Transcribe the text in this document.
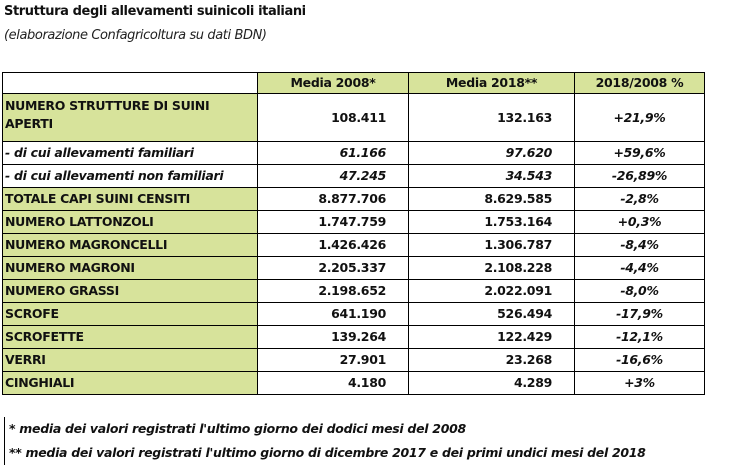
Struttura degli allevamenti suinicoli italiani
(elaborazione Confagricoltura su dati BDN)
	Media 2008*	Media 2018**	2018/2008 %
NUMERO STRUTTURE DI SUINI APERTI	108.411	132.163	+21,9%
- di cui allevamenti familiari	61.166	97.620	+59,6%
- di cui allevamenti non familiari	47.245	34.543	-26,89%
TOTALE CAPI SUINI CENSITI	8.877.706	8.629.585	-2,8%
NUMERO LATTONZOLI	1.747.759	1.753.164	+0,3%
NUMERO MAGRONCELLI	1.426.426	1.306.787	-8,4%
NUMERO MAGRONI	2.205.337	2.108.228	-4,4%
NUMERO GRASSI	2.198.652	2.022.091	-8,0%
SCROFE	641.190	526.494	-17,9%
SCROFETTE	139.264	122.429	-12,1%
VERRI	27.901	23.268	-16,6%
CINGHIALI	4.180	4.289	+3%
* media dei valori registrati l'ultimo giorno dei dodici mesi del 2008
** media dei valori registrati l'ultimo giorno di dicembre 2017 e dei primi undici mesi del 2018
